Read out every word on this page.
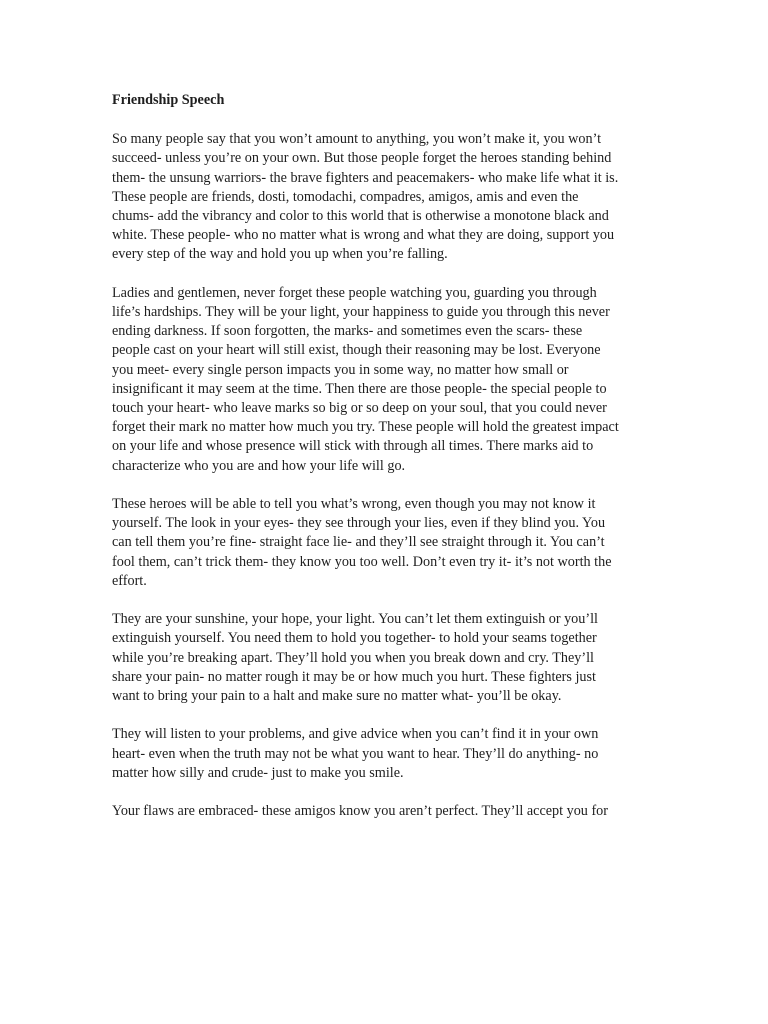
Friendship Speech
So many people say that you won’t amount to anything, you won’t make it, you won’t
succeed- unless you’re on your own. But those people forget the heroes standing behind
them- the unsung warriors- the brave fighters and peacemakers- who make life what it is.
These people are friends, dosti, tomodachi, compadres, amigos, amis and even the
chums- add the vibrancy and color to this world that is otherwise a monotone black and
white. These people- who no matter what is wrong and what they are doing, support you
every step of the way and hold you up when you’re falling.
Ladies and gentlemen, never forget these people watching you, guarding you through
life’s hardships. They will be your light, your happiness to guide you through this never
ending darkness. If soon forgotten, the marks- and sometimes even the scars- these
people cast on your heart will still exist, though their reasoning may be lost. Everyone
you meet- every single person impacts you in some way, no matter how small or
insignificant it may seem at the time. Then there are those people- the special people to
touch your heart- who leave marks so big or so deep on your soul, that you could never
forget their mark no matter how much you try. These people will hold the greatest impact
on your life and whose presence will stick with through all times. There marks aid to
characterize who you are and how your life will go.
These heroes will be able to tell you what’s wrong, even though you may not know it
yourself. The look in your eyes- they see through your lies, even if they blind you. You
can tell them you’re fine- straight face lie- and they’ll see straight through it. You can’t
fool them, can’t trick them- they know you too well. Don’t even try it- it’s not worth the
effort.
They are your sunshine, your hope, your light. You can’t let them extinguish or you’ll
extinguish yourself. You need them to hold you together- to hold your seams together
while you’re breaking apart. They’ll hold you when you break down and cry. They’ll
share your pain- no matter rough it may be or how much you hurt. These fighters just
want to bring your pain to a halt and make sure no matter what- you’ll be okay.
They will listen to your problems, and give advice when you can’t find it in your own
heart- even when the truth may not be what you want to hear. They’ll do anything- no
matter how silly and crude- just to make you smile.
Your flaws are embraced- these amigos know you aren’t perfect. They’ll accept you for
